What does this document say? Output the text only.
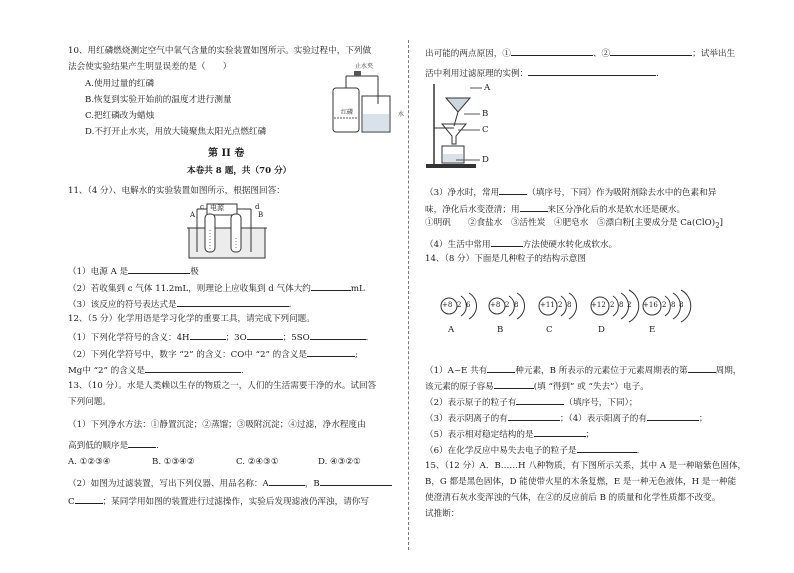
10、用红磷燃烧测定空气中氧气含量的实验装置如图所示。实验过程中，下列做
法会使实验结果产生明显误差的是（　　）
A.使用过量的红磷
B.恢复到实验开始前的温度才进行测量
C.把红磷改为蜡烛
D.不打开止水夹，用放大镜聚焦太阳光点燃红磷
止水夹
红磷	水
第 II 卷
本卷共 8 题，共（70 分）
11、（4 分）、电解水的实验装置如图所示，根据图回答：
电源
c	d
A	B
（1）电源 A 是	极
（2）若收集到 c 气体 11.2mL，则理论上应收集到 d 气体大约	mL
（3）该反应的符号表达式是	.
12、（5 分）化学用语是学习化学的重要工具，请完成下列问题。
（1）下列化学符号的含义：4H	；3O	；5SO	.
（2）下列化学符号中，数字 “2” 的含义：CO中 “2” 的含义是	;
Mg中 “2” 的含义是	.
13、（10 分）。水是人类赖以生存的物质之一，人们的生活需要干净的水。试回答
下列问题。
（1）下列净水方法：①静置沉淀；②蒸馏；③吸附沉淀；④过滤，净水程度由
高到低的顺序是	.
A. ①②③④	B. ①③④②	C. ②④③①	D. ④③②①
（2）如图为过滤装置，写出下列仪器、用品名称：A	，B
C	；某同学用如图的装置进行过滤操作，实验后发现滤液仍浑浊，请你写
出可能的两点原因，①	、②	；试举出生
活中利用过滤原理的实例：	.
A
B
C
D
（3）净水时，常用	（填序号，下同）作为吸附剂除去水中的色素和异
味，净化后水变澄清；用	来区分净化后的水是软水还是硬水。
①明矾　　②食盐水　③活性炭　④肥皂水　⑤漂白粉[主要成分是 $Ca(ClO)_2$]
（4）生活中常用	方法使硬水转化成软水。
14、（8 分）下面是几种粒子的结构示意图
+8 2 6	+8 2 8	+11 2 8	+12 2 8 2 +16 2 8 8
A	B	C	D	E
（1）A~E 共有	种元素，B 所表示的元素位于元素周期表的第	周期，
该元素的原子容易	(填 “得到” 或 “失去”）电子。
（2）表示原子的粒子有	（填序号，下同）；
（3）表示阴离子的有	；（4）表示阳离子的有	；
（5）表示相对稳定结构的是	；
（6）在化学反应中易失去电子的粒子是	.
15、（12 分）A．B……H 八种物质，有下图所示关系，其中 A 是一种暗紫色固体，
B，G 都是黑色固体，D 能使带火星的木条复燃，E 是一种无色液体，H 是一种能
使澄清石灰水变浑浊的气体，在②的反应前后 B 的质量和化学性质都不改变。
试推断：
